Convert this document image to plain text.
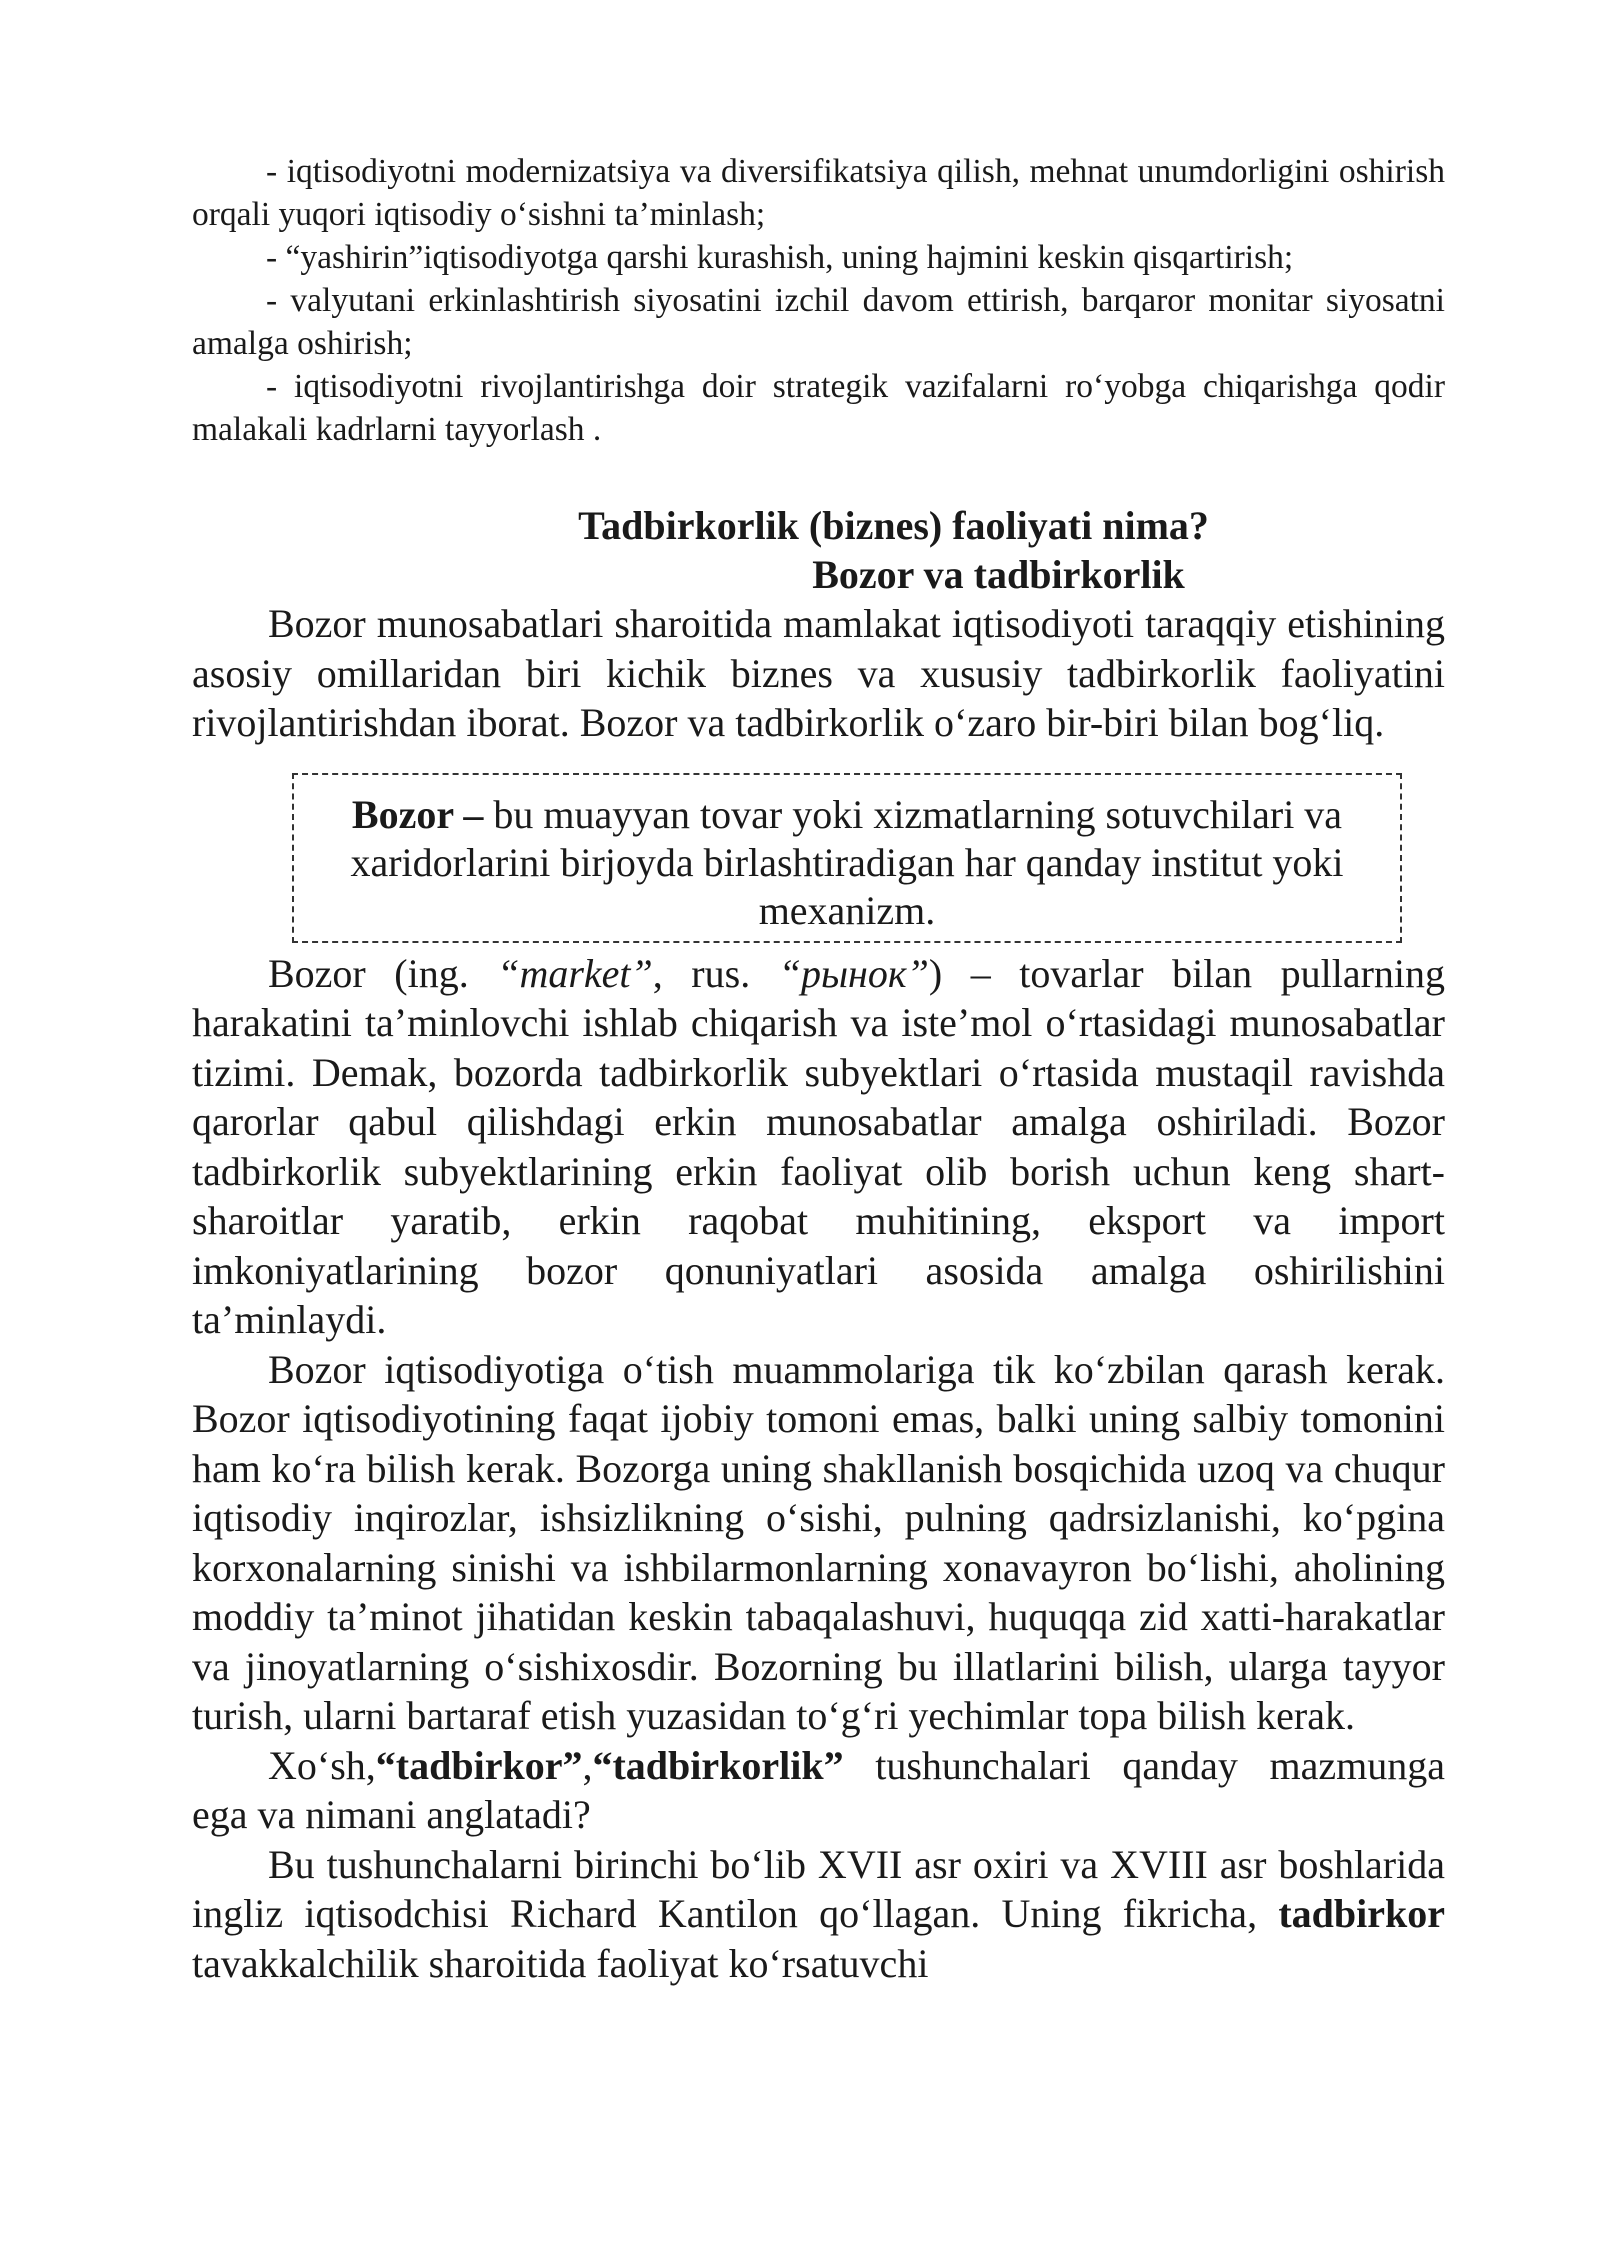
- iqtisodiyotni modernizatsiya va diversifikatsiya qilish, mehnat unumdorligini oshirish orqali yuqori iqtisodiy o‘sishni ta’minlash;

- “yashirin”iqtisodiyotga qarshi kurashish, uning hajmini keskin qisqartirish;

- valyutani erkinlashtirish siyosatini izchil davom ettirish, barqaror monitar siyosatni amalga oshirish;

- iqtisodiyotni rivojlantirishga doir strategik vazifalarni ro‘yobga chiqarishga qodir malakali kadrlarni tayyorlash .

Tadbirkorlik (biznes) faoliyati nima?
Bozor va tadbirkorlik

Bozor munosabatlari sharoitida mamlakat iqtisodiyoti taraqqiy etishining asosiy omillaridan biri kichik biznes va xususiy tadbirkorlik faoliyatini rivojlantirishdan iborat. Bozor va tadbirkorlik o‘zaro bir-biri bilan bog‘liq.

Bozor – bu muayyan tovar yoki xizmatlarning sotuvchilari va xaridorlarini birjoyda birlashtiradigan har qanday institut yoki mexanizm.

Bozor (ing. “market”, rus. “рынок”) – tovarlar bilan pullarning harakatini ta’minlovchi ishlab chiqarish va iste’mol o‘rtasidagi munosabatlar tizimi. Demak, bozorda tadbirkorlik subyektlari o‘rtasida mustaqil ravishda qarorlar qabul qilishdagi erkin munosabatlar amalga oshiriladi. Bozor tadbirkorlik subyektlarining erkin faoliyat olib borish uchun keng shart-sharoitlar yaratib, erkin raqobat muhitining, eksport va import imkoniyatlarining bozor qonuniyatlari asosida amalga oshirilishini ta’minlaydi.

Bozor iqtisodiyotiga o‘tish muammolariga tik ko‘zbilan qarash kerak. Bozor iqtisodiyotining faqat ijobiy tomoni emas, balki uning salbiy tomonini ham ko‘ra bilish kerak. Bozorga uning shakllanish bosqichida uzoq va chuqur iqtisodiy inqirozlar, ishsizlikning o‘sishi, pulning qadrsizlanishi, ko‘pgina korxonalarning sinishi va ishbilarmonlarning xonavayron bo‘lishi, aholining moddiy ta’minot jihatidan keskin tabaqalashuvi, huquqqa zid xatti-harakatlar va jinoyatlarning o‘sishixosdir. Bozorning bu illatlarini bilish, ularga tayyor turish, ularni bartaraf etish yuzasidan to‘g‘ri yechimlar topa bilish kerak.

Xo‘sh,“tadbirkor”,“tadbirkorlik” tushunchalari qanday mazmunga ega va nimani anglatadi?

Bu tushunchalarni birinchi bo‘lib XVII asr oxiri va XVIII asr boshlarida ingliz iqtisodchisi Richard Kantilon qo‘llagan. Uning fikricha, tadbirkor tavakkalchilik sharoitida faoliyat ko‘rsatuvchi
